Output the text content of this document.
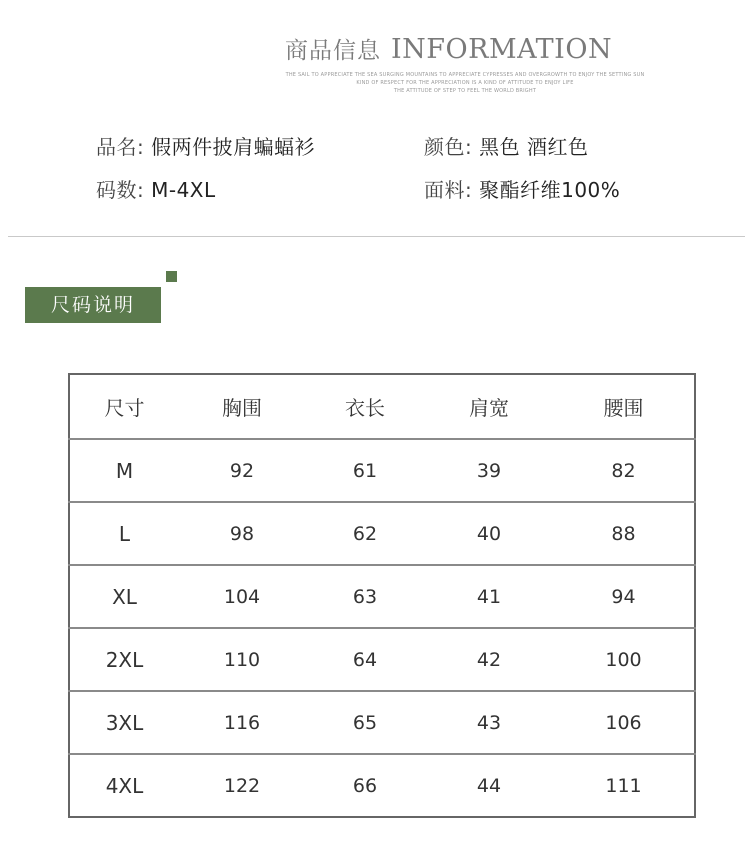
商品信息 INFORMATION
THE SAIL TO APPRECIATE THE SEA SURGING MOUNTAINS TO APPRECIATE CYPRESSES AND OVERGROWTH TO ENJOY THE SETTING SUN
KIND OF RESPECT FOR THE APPRECIATION IS A KIND OF ATTITUDE TO ENJOY LIFE
THE ATTITUDE OF STEP TO FEEL THE WORLD BRIGHT
品名: 假两件披肩蝙蝠衫	颜色: 黑色 酒红色
码数: M-4XL	面料: 聚酯纤维100%
尺码说明
尺寸	胸围	衣长	肩宽	腰围
M	92	61	39	82
L	98	62	40	88
XL	104	63	41	94
2XL	110	64	42	100
3XL	116	65	43	106
4XL	122	66	44	111
